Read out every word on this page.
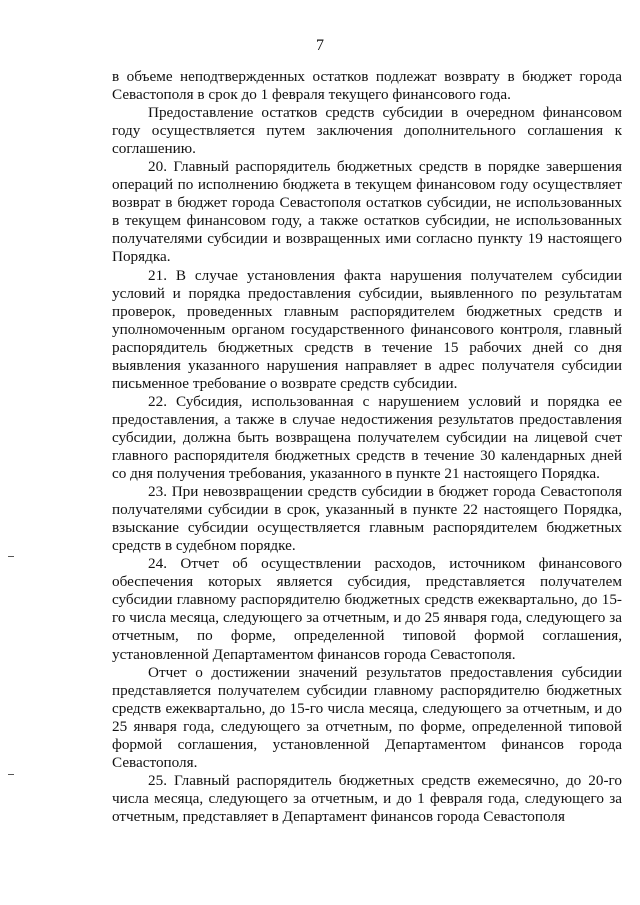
7

в объеме неподтвержденных остатков подлежат возврату в бюджет города Севастополя в срок до 1 февраля текущего финансового года.

Предоставление остатков средств субсидии в очередном финансовом году осуществляется путем заключения дополнительного соглашения к соглашению.

20. Главный распорядитель бюджетных средств в порядке завершения операций по исполнению бюджета в текущем финансовом году осуществляет возврат в бюджет города Севастополя остатков субсидии, не использованных в текущем финансовом году, а также остатков субсидии, не использованных получателями субсидии и возвращенных ими согласно пункту 19 настоящего Порядка.

21. В случае установления факта нарушения получателем субсидии условий и порядка предоставления субсидии, выявленного по результатам проверок, проведенных главным распорядителем бюджетных средств и уполномоченным органом государственного финансового контроля, главный распорядитель бюджетных средств в течение 15 рабочих дней со дня выявления указанного нарушения направляет в адрес получателя субсидии письменное требование о возврате средств субсидии.

22. Субсидия, использованная с нарушением условий и порядка ее предоставления, а также в случае недостижения результатов предоставления субсидии, должна быть возвращена получателем субсидии на лицевой счет главного распорядителя бюджетных средств в течение 30 календарных дней со дня получения требования, указанного в пункте 21 настоящего Порядка.

23. При невозвращении средств субсидии в бюджет города Севастополя получателями субсидии в срок, указанный в пункте 22 настоящего Порядка, взыскание субсидии осуществляется главным распорядителем бюджетных средств в судебном порядке.

24. Отчет об осуществлении расходов, источником финансового обеспечения которых является субсидия, представляется получателем субсидии главному распорядителю бюджетных средств ежеквартально, до 15-го числа месяца, следующего за отчетным, и до 25 января года, следующего за отчетным, по форме, определенной типовой формой соглашения, установленной Департаментом финансов города Севастополя.

Отчет о достижении значений результатов предоставления субсидии представляется получателем субсидии главному распорядителю бюджетных средств ежеквартально, до 15-го числа месяца, следующего за отчетным, и до 25 января года, следующего за отчетным, по форме, определенной типовой формой соглашения, установленной Департаментом финансов города Севастополя.

25. Главный распорядитель бюджетных средств ежемесячно, до 20-го числа месяца, следующего за отчетным, и до 1 февраля года, следующего за отчетным, представляет в Департамент финансов города Севастополя
